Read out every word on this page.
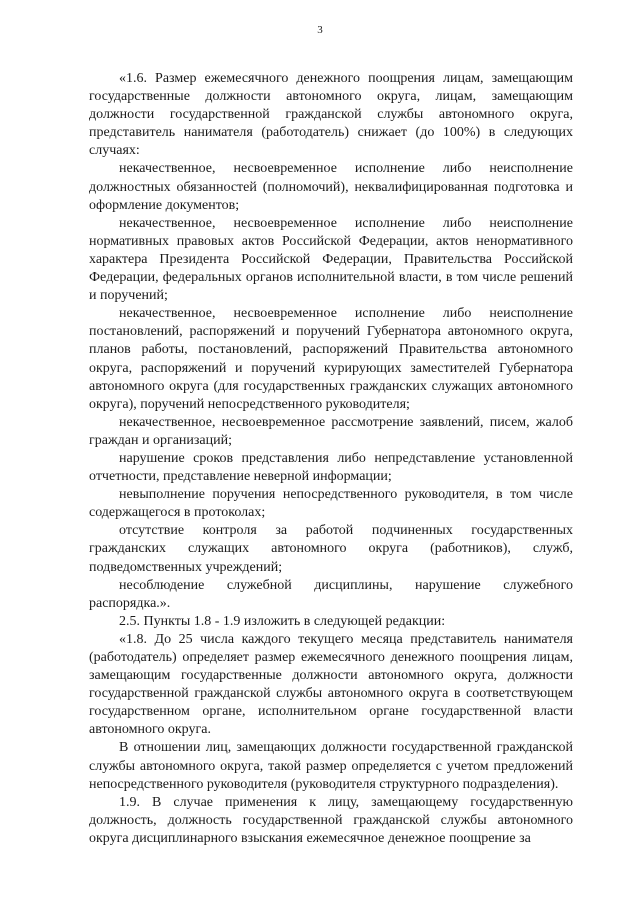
3

«1.6. Размер ежемесячного денежного поощрения лицам, замещающим государственные должности автономного округа, лицам, замещающим должности государственной гражданской службы автономного округа, представитель нанимателя (работодатель) снижает (до 100%) в следующих случаях:

некачественное, несвоевременное исполнение либо неисполнение должностных обязанностей (полномочий), неквалифицированная подготовка и оформление документов;

некачественное, несвоевременное исполнение либо неисполнение нормативных правовых актов Российской Федерации, актов ненормативного характера Президента Российской Федерации, Правительства Российской Федерации, федеральных органов исполнительной власти, в том числе решений и поручений;

некачественное, несвоевременное исполнение либо неисполнение постановлений, распоряжений и поручений Губернатора автономного округа, планов работы, постановлений, распоряжений Правительства автономного округа, распоряжений и поручений курирующих заместителей Губернатора автономного округа (для государственных гражданских служащих автономного округа), поручений непосредственного руководителя;

некачественное, несвоевременное рассмотрение заявлений, писем, жалоб граждан и организаций;

нарушение сроков представления либо непредставление установленной отчетности, представление неверной информации;

невыполнение поручения непосредственного руководителя, в том числе содержащегося в протоколах;

отсутствие контроля за работой подчиненных государственных гражданских служащих автономного округа (работников), служб, подведомственных учреждений;

несоблюдение служебной дисциплины, нарушение служебного распорядка.».

2.5. Пункты 1.8 - 1.9 изложить в следующей редакции:

«1.8. До 25 числа каждого текущего месяца представитель нанимателя (работодатель) определяет размер ежемесячного денежного поощрения лицам, замещающим государственные должности автономного округа, должности государственной гражданской службы автономного округа в соответствующем государственном органе, исполнительном органе государственной власти автономного округа.

В отношении лиц, замещающих должности государственной гражданской службы автономного округа, такой размер определяется с учетом предложений непосредственного руководителя (руководителя структурного подразделения).

1.9. В случае применения к лицу, замещающему государственную должность, должность государственной гражданской службы автономного округа дисциплинарного взыскания ежемесячное денежное поощрение за
